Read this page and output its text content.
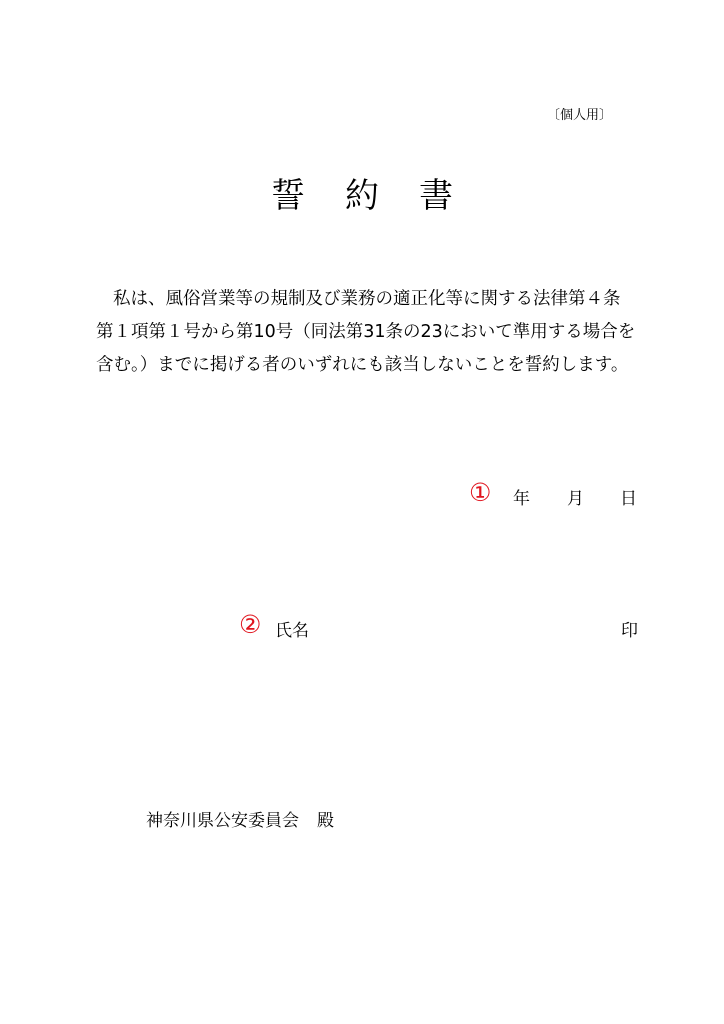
〔個人用〕
誓 約 書
私は、風俗営業等の規制及び業務の適正化等に関する法律第４条
第１項第１号から第10号（同法第31条の23において準用する場合を
含む。）までに掲げる者のいずれにも該当しないことを誓約します。
① 年 月 日
② 氏名	印
神奈川県公安委員会 殿
